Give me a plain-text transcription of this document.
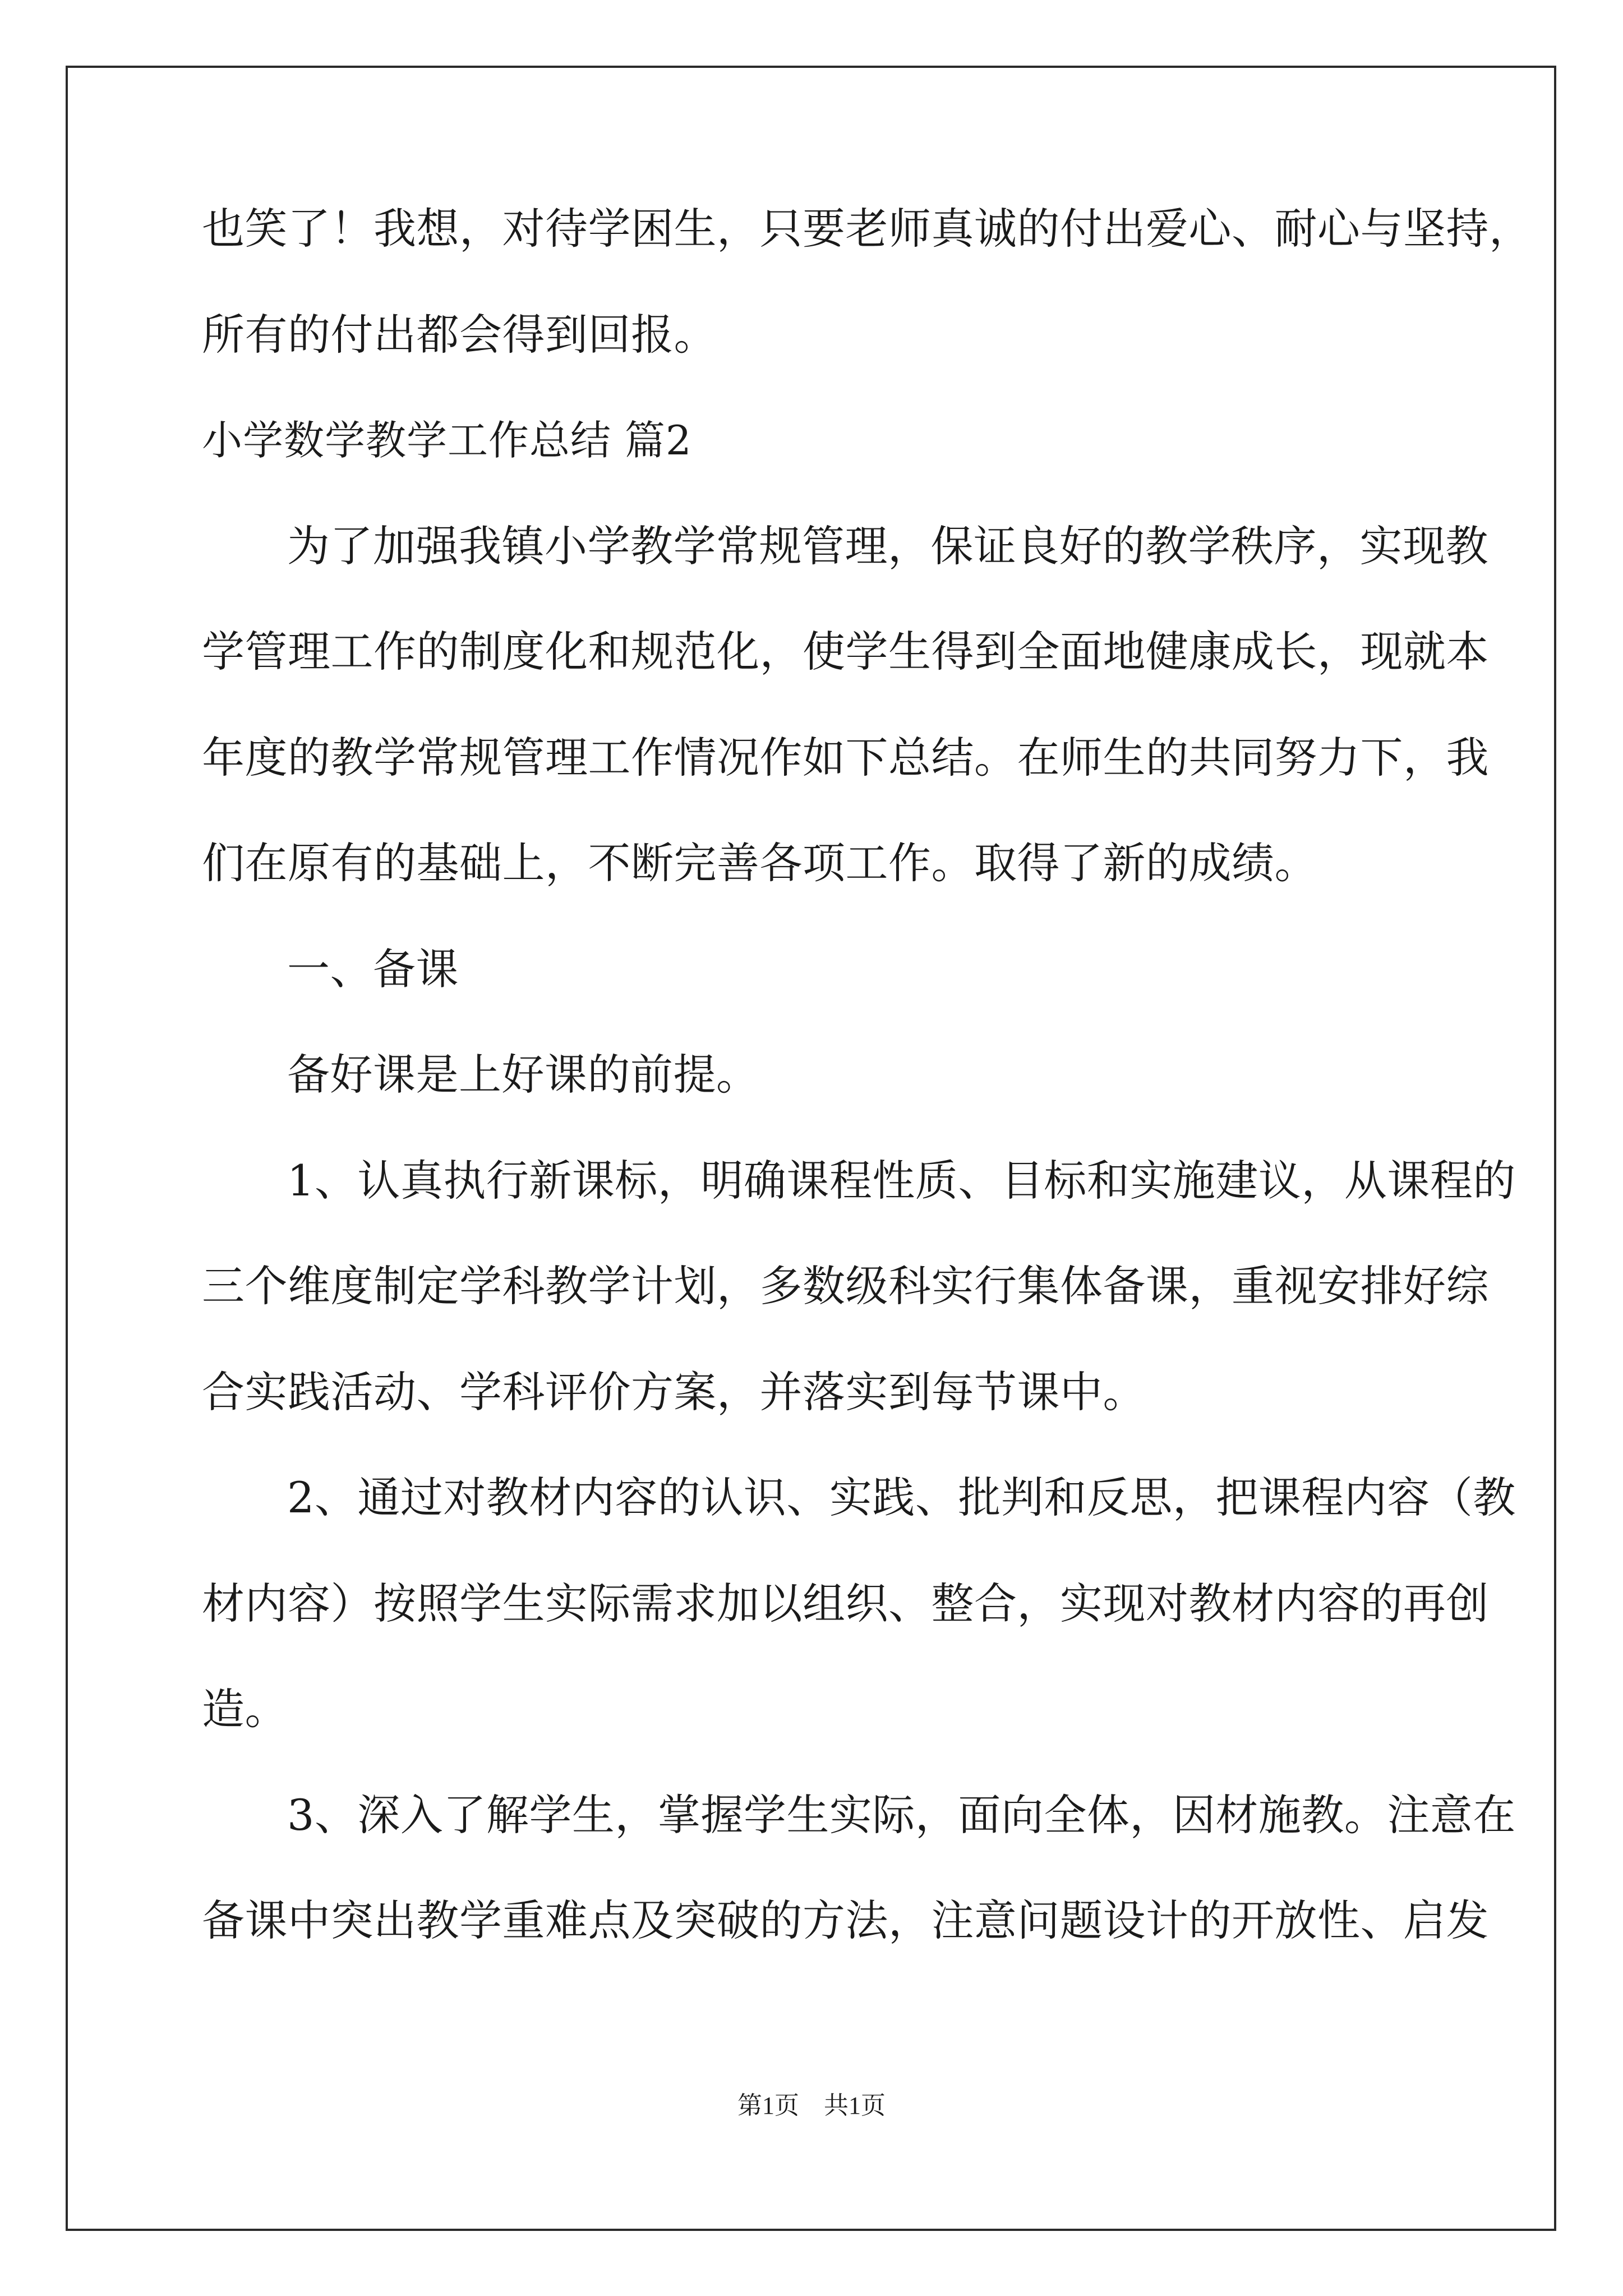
也笑了！我想，对待学困生，只要老师真诚的付出爱心、耐心与坚持，
所有的付出都会得到回报。
小学数学教学工作总结 篇2
为了加强我镇小学教学常规管理，保证良好的教学秩序，实现教
学管理工作的制度化和规范化，使学生得到全面地健康成长，现就本
年度的教学常规管理工作情况作如下总结。在师生的共同努力下，我
们在原有的基础上，不断完善各项工作。取得了新的成绩。
一、备课
备好课是上好课的前提。
1、认真执行新课标，明确课程性质、目标和实施建议，从课程的
三个维度制定学科教学计划，多数级科实行集体备课，重视安排好综
合实践活动、学科评价方案，并落实到每节课中。
2、通过对教材内容的认识、实践、批判和反思，把课程内容（教
材内容）按照学生实际需求加以组织、整合，实现对教材内容的再创
造。
3、深入了解学生，掌握学生实际，面向全体，因材施教。注意在
备课中突出教学重难点及突破的方法，注意问题设计的开放性、启发
第1页　共1页
